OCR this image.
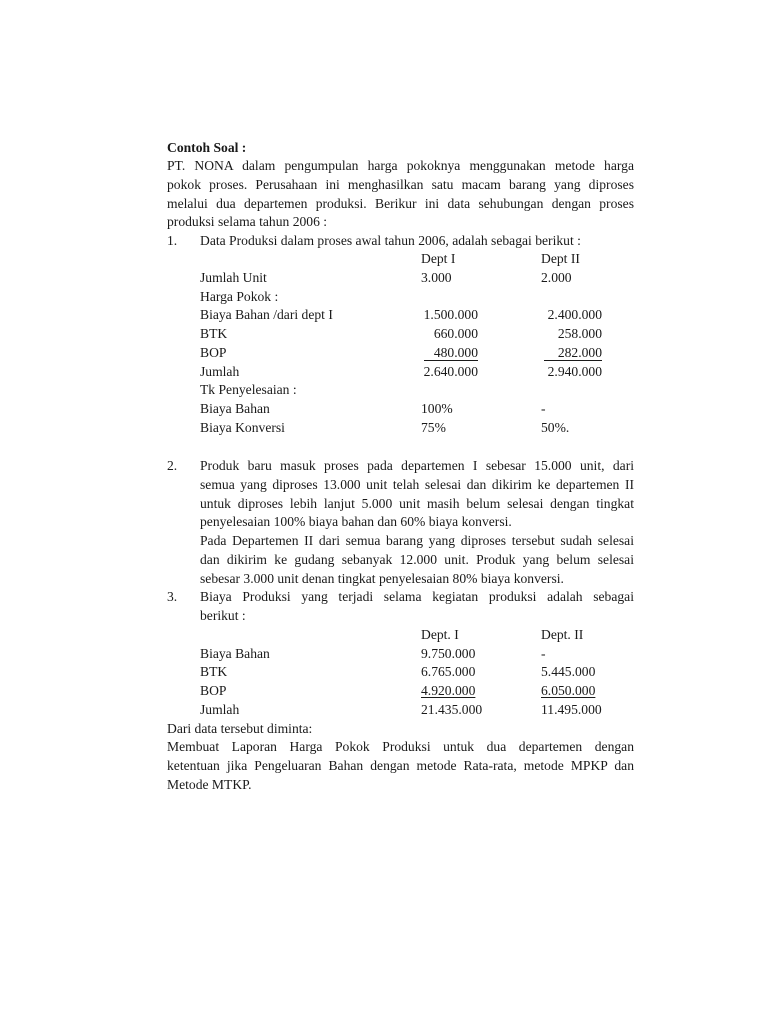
Contoh Soal :
PT. NONA dalam pengumpulan harga pokoknya menggunakan metode harga
pokok proses. Perusahaan ini menghasilkan satu macam barang yang diproses
melalui dua departemen produksi. Berikur ini data sehubungan dengan proses
produksi selama tahun 2006 :
1. Data Produksi dalam proses awal tahun 2006, adalah sebagai berikut :
Dept I	Dept II
Jumlah Unit	3.000	2.000
Harga Pokok :
Biaya Bahan /dari dept I	1.500.000	2.400.000
BTK	660.000	258.000
BOP	480.000	282.000
Jumlah	2.640.000	2.940.000
Tk Penyelesaian :
Biaya Bahan	100%	-
Biaya Konversi	75%	50%.
2. Produk baru masuk proses pada departemen I sebesar 15.000 unit, dari
semua yang diproses 13.000 unit telah selesai dan dikirim ke departemen II
untuk diproses lebih lanjut 5.000 unit masih belum selesai dengan tingkat
penyelesaian 100% biaya bahan dan 60% biaya konversi.
Pada Departemen II dari semua barang yang diproses tersebut sudah selesai
dan dikirim ke gudang sebanyak 12.000 unit. Produk yang belum selesai
sebesar 3.000 unit denan tingkat penyelesaian 80% biaya konversi.
3. Biaya Produksi yang terjadi selama kegiatan produksi adalah sebagai
berikut :
Dept. I	Dept. II
Biaya Bahan	9.750.000	-
BTK	6.765.000	5.445.000
BOP	4.920.000	6.050.000
Jumlah	21.435.000	11.495.000
Dari data tersebut diminta:
Membuat Laporan Harga Pokok Produksi untuk dua departemen dengan
ketentuan jika Pengeluaran Bahan dengan metode Rata-rata, metode MPKP dan
Metode MTKP.
